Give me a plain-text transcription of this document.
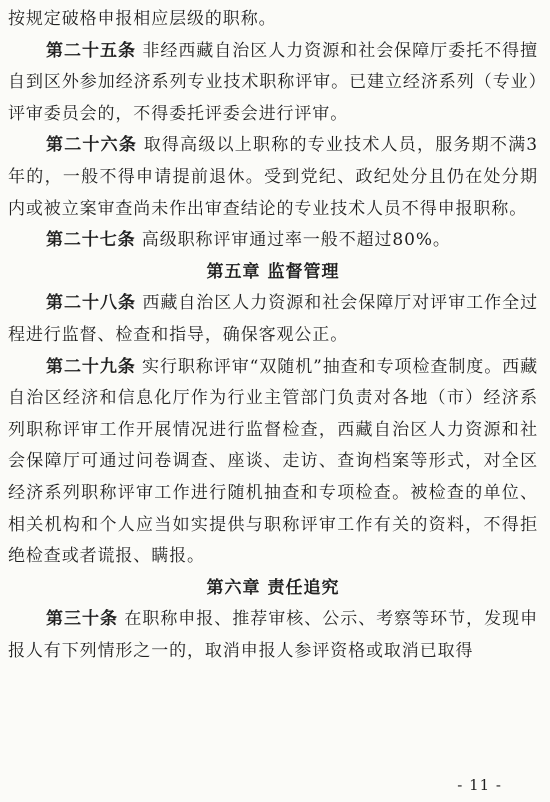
按规定破格申报相应层级的职称。

第二十五条 非经西藏自治区人力资源和社会保障厅委托不得擅自到区外参加经济系列专业技术职称评审。已建立经济系列（专业）评审委员会的，不得委托评委会进行评审。

第二十六条 取得高级以上职称的专业技术人员，服务期不满3年的，一般不得申请提前退休。受到党纪、政纪处分且仍在处分期内或被立案审查尚未作出审查结论的专业技术人员不得申报职称。

第二十七条 高级职称评审通过率一般不超过80%。

第五章 监督管理

第二十八条 西藏自治区人力资源和社会保障厅对评审工作全过程进行监督、检查和指导，确保客观公正。

第二十九条 实行职称评审“双随机”抽查和专项检查制度。西藏自治区经济和信息化厅作为行业主管部门负责对各地（市）经济系列职称评审工作开展情况进行监督检查，西藏自治区人力资源和社会保障厅可通过问卷调查、座谈、走访、查询档案等形式，对全区经济系列职称评审工作进行随机抽查和专项检查。被检查的单位、相关机构和个人应当如实提供与职称评审工作有关的资料，不得拒绝检查或者谎报、瞒报。

第六章 责任追究

第三十条 在职称申报、推荐审核、公示、考察等环节，发现申报人有下列情形之一的，取消申报人参评资格或取消已取得

- 11 -
